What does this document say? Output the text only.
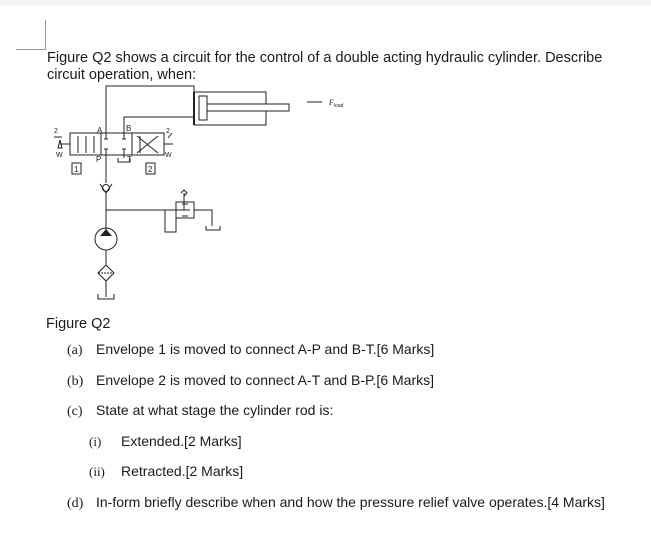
Figure Q2 shows a circuit for the control of a double acting hydraulic cylinder. Describe
circuit operation, when:
F load
2	2
A	B
P	T
W	W
1	2
Figure Q2
(a) Envelope 1 is moved to connect A-P and B-T.[6 Marks]
(b) Envelope 2 is moved to connect A-T and B-P.[6 Marks]
(c) State at what stage the cylinder rod is:
(i) Extended.[2 Marks]
(ii) Retracted.[2 Marks]
(d) In-form briefly describe when and how the pressure relief valve operates.[4 Marks]
